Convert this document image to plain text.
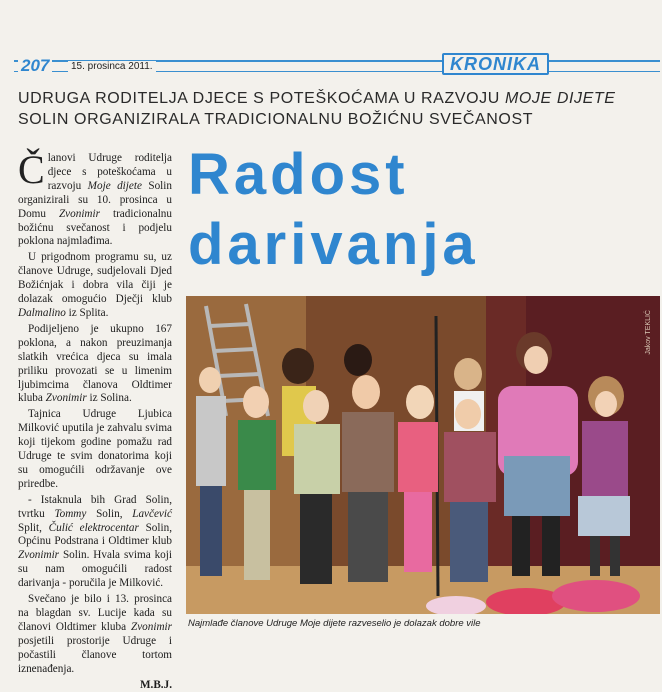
207	15. prosinca 2011.	KRONIKA
UDRUGA RODITELJA DJECE S POTEŠKOĆAMA U RAZVOJU MOJE DIJETE
SOLIN ORGANIZIRALA TRADICIONALNU BOŽIĆNU SVEČANOST
Radost
darivanja

Članovi Udruge roditelja djece s poteškoćama u razvoju Moje dijete Solin organizirali su 10. prosinca u Domu Zvonimir tradicionalnu božićnu svečanost i podjelu poklona najmlađima.

U prigodnom programu su, uz članove Udruge, sudjelovali Djed Božićnjak i dobra vila čiji je dolazak omogućio Dječji klub Dalmalino iz Splita.

Podijeljeno je ukupno 167 poklona, a nakon preuzimanja slatkih vrećica djeca su imala priliku provozati se u limenim ljubimcima članova Oldtimer kluba Zvonimir iz Solina.

Tajnica Udruge Ljubica Milković uputila je zahvalu svima koji tijekom godine pomažu rad Udruge te svim donatorima koji su omogućili održavanje ove priredbe.

- Istaknula bih Grad Solin, tvrtku Tommy Solin, Lavčević Split, Čulić elektrocentar Solin, Općinu Podstrana i Oldtimer klub Zvonimir Solin. Hvala svima koji su nam omogućili radost darivanja - poručila je Milković.

Svečano je bilo i 13. prosinca na blagdan sv. Lucije kada su članovi Oldtimer kluba Zvonimir posjetili prostorije Udruge i počastili članove tortom iznenađenja.

M.B.J.
Jakov TEKLIĆ
Najmlađe članove Udruge Moje dijete razveselio je dolazak dobre vile
